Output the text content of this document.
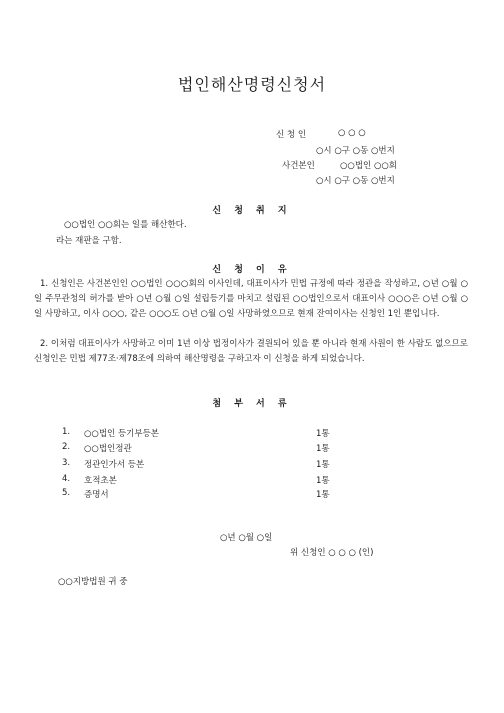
법인해산명령신청서
신 청 인	○ ○ ○
○시 ○구 ○동 ○번지
사건본인	○○법인 ○○회
○시 ○구 ○동 ○번지
신 청 취 지
○○법인 ○○회는 일를 해산한다.
라는 재판을 구함.
신 청 이 유
1. 신청인은 사건본인인 ○○법인 ○○○회의 이사인데, 대표이사가 민법 규정에 따라 정관을 작성하고, ○년 ○월 ○일 주무관청의 허가를 받아 ○년 ○월 ○일 설립등기를 마치고 설립된 ○○법인으로서 대표이사 ○○○은 ○년 ○월 ○일 사망하고, 이사 ○○○, 같은 ○○○도 ○년 ○월 ○일 사망하였으므로 현재 잔여이사는 신청인 1인 뿐입니다.
2. 이처럼 대표이사가 사망하고 이미 1년 이상 법정이사가 결원되어 있을 뿐 아니라 현재 사원이 한 사람도 없으므로 신청인은 민법 제77조·제78조에 의하여 해산명령을 구하고자 이 신청을 하게 되었습니다.
첨 부 서 류
1. ○○법인 등기부등본	1통
2. ○○법인정관	1통
3. 정관인가서 등본	1통
4. 호적초본	1통
5. 증명서	1통
○년 ○월 ○일
위 신청인 ○ ○ ○ (인)
○○지방법원 귀 중
